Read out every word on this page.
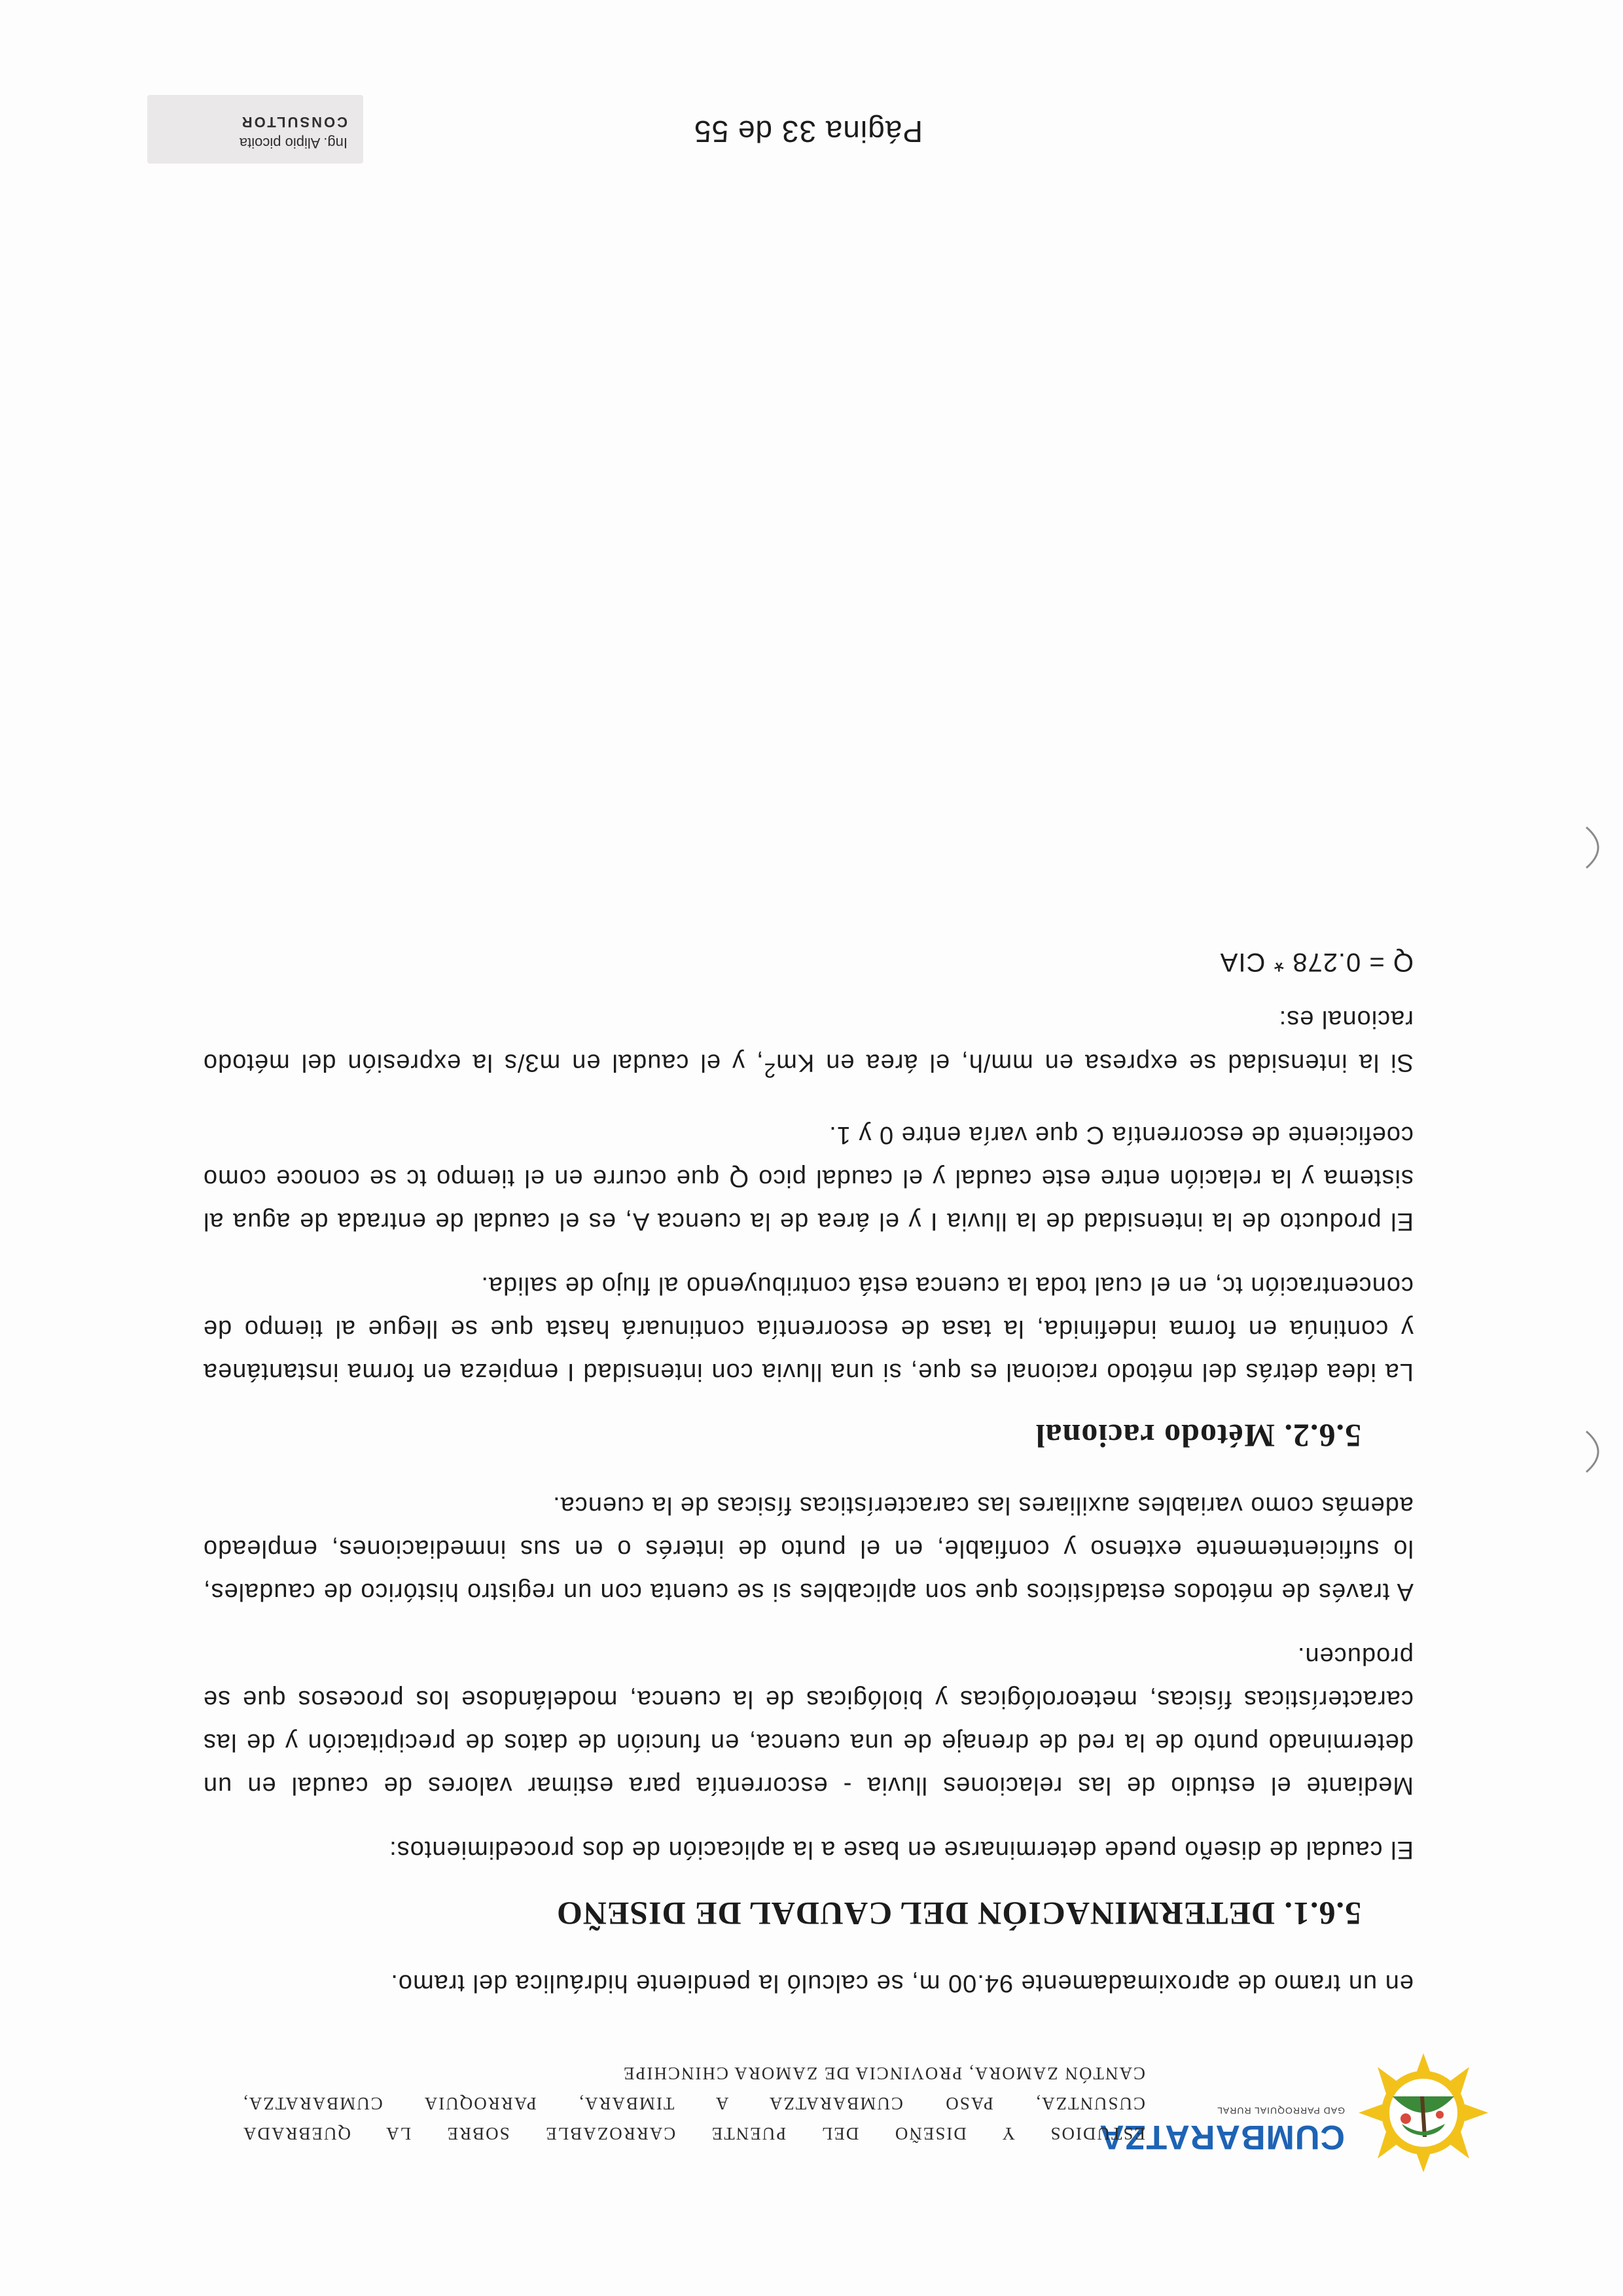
CUMBARATZA
GAD PARROQUIAL RURAL
ESTUDIOS Y DISEÑO DEL PUENTE CARROZABLE SOBRE LA QUEBRADA
CUSUNTZA, PASO CUMBARATZA A TIMBARA, PARROQUIA CUMBARATZA,
CANTÓN ZAMORA, PROVINCIA DE ZAMORA CHINCHIPE

en un tramo de aproximadamente 94.00 m, se calculó la pendiente hidráulica del tramo.

5.6.1. DETERMINACIÓN DEL CAUDAL DE DISEÑO

El caudal de diseño puede determinarse en base a la aplicación de dos procedimientos:

Mediante el estudio de las relaciones lluvia - escorrentía para estimar valores de caudal en un determinado punto de la red de drenaje de una cuenca, en función de datos de precipitación y de las características físicas, meteorológicas y biológicas de la cuenca, modelándose los procesos que se producen.

A través de métodos estadísticos que son aplicables si se cuenta con un registro histórico de caudales, lo suficientemente extenso y confiable, en el punto de interés o en sus inmediaciones, empleado además como variables auxiliares las características físicas de la cuenca.

5.6.2. Método racional

La idea detrás del método racional es que, si una lluvia con intensidad I empieza en forma instantánea y continúa en forma indefinida, la tasa de escorrentía continuará hasta que se llegue al tiempo de concentración tc, en el cual toda la cuenca está contribuyendo al flujo de salida.

El producto de la intensidad de la lluvia I y el área de la cuenca A, es el caudal de entrada de agua al sistema y la relación entre este caudal y el caudal pico Q que ocurre en el tiempo tc se conoce como coeficiente de escorrentía C que varía entre 0 y 1.

Si la intensidad se expresa en mm/h, el área en Km$^2$, y el caudal en m3/s la expresión del método racional es:

Q = 0.278 * CIA
Página 33 de 55
Ing. Alipio picoita
CONSULTOR
